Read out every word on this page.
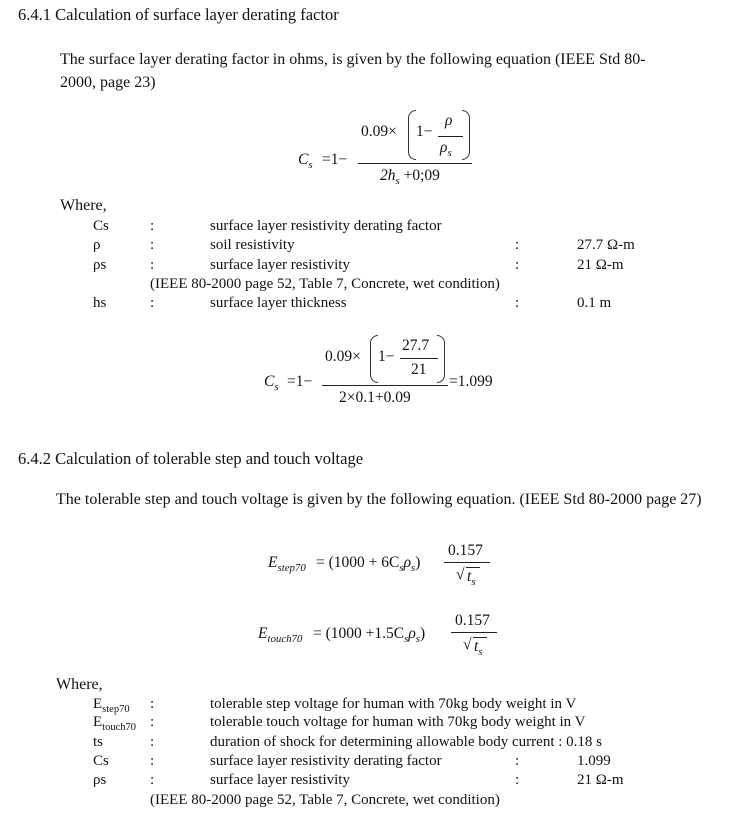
6.4.1 Calculation of surface layer derating factor
The surface layer derating factor in ohms, is given by the following equation (IEEE Std 80-
2000, page 23)
$C_s =1-$
0.09× 1−
ρ
$\rho_s$
$2h_s$ +0;09
Where,
Cs	:	surface layer resistivity derating factor
ρ	:	soil resistivity	:	27.7 Ω-m
ρs	:	surface layer resistivity	:	21 Ω-m
(IEEE 80-2000 page 52, Table 7, Concrete, wet condition)
hs	:	surface layer thickness	:	0.1 m
$C_s =1-$
0.09× 1−
27.7
21
2×0.1+0.09
=1.099
6.4.2 Calculation of tolerable step and touch voltage
The tolerable step and touch voltage is given by the following equation. (IEEE Std 80-2000 page 27)
$E_{step70} = (1000 + 6C_s\rho_s)$
0.157
√ $t_s$
$E_{touch70} = (1000 +1.5C_s\rho_s)$
0.157
√ $t_s$
Where,
$E_{step70}$ :	tolerable step voltage for human with 70kg body weight in V
$E_{touch70}$ :	tolerable touch voltage for human with 70kg body weight in V
ts	:	duration of shock for determining allowable body current : 0.18 s
Cs	:	surface layer resistivity derating factor	:	1.099
ρs	:	surface layer resistivity	:	21 Ω-m
(IEEE 80-2000 page 52, Table 7, Concrete, wet condition)
